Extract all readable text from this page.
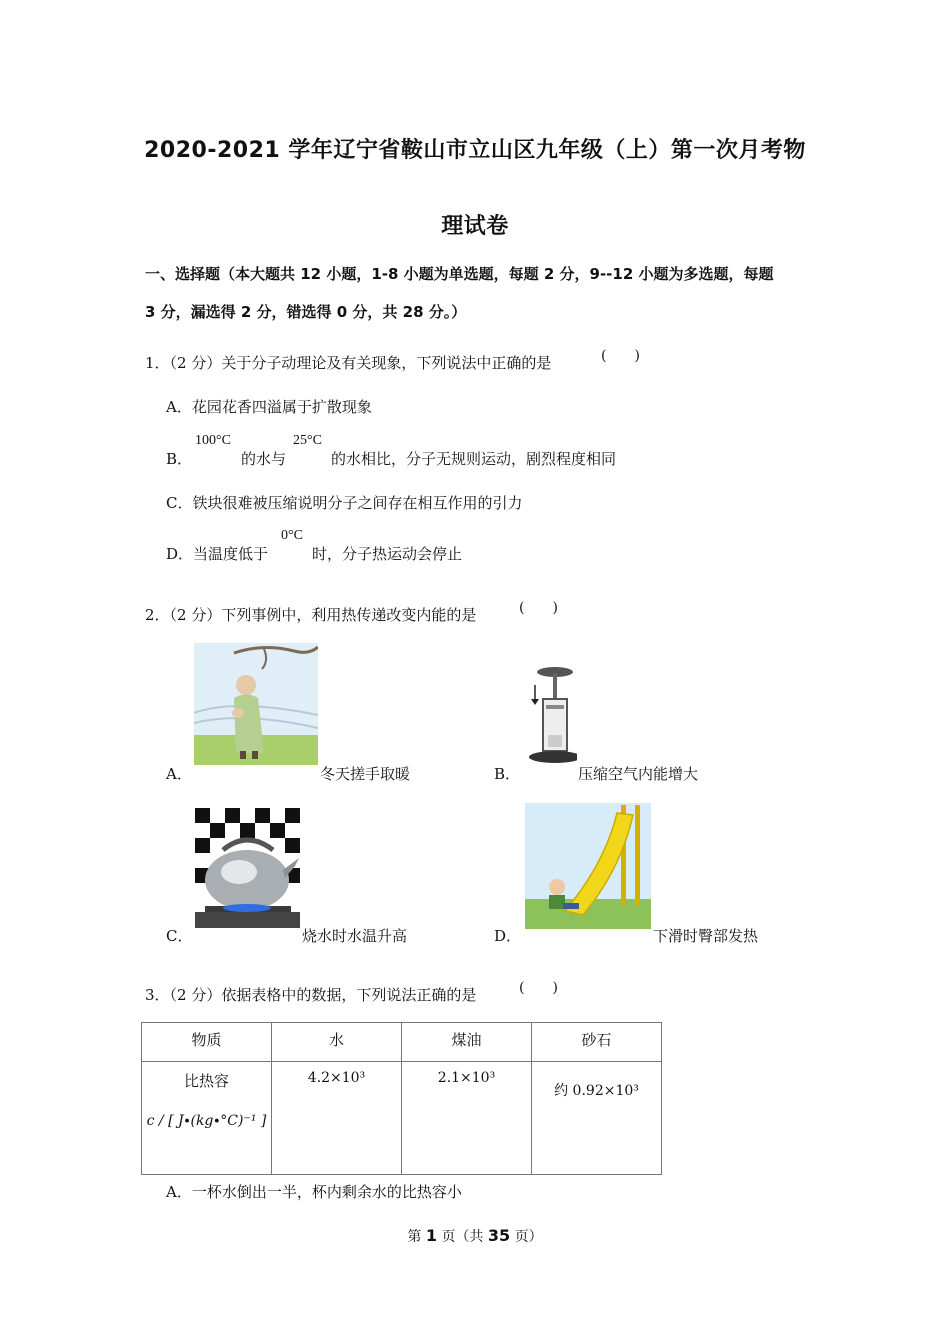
2020-2021 学年辽宁省鞍山市立山区九年级（上）第一次月考物
理试卷
一、选择题（本大题共 12 小题，1-8 小题为单选题，每题 2 分，9--12 小题为多选题，每题
3 分，漏选得 2 分，错选得 0 分，共 28 分。）
1．（2 分）关于分子动理论及有关现象，下列说法中正确的是	(　　)
A．花园花香四溢属于扩散现象
B．
100°C
的水与
25°C
的水相比，分子无规则运动，剧烈程度相同
C．铁块很难被压缩说明分子之间存在相互作用的引力
D．当温度低于
0°C
时，分子热运动会停止
2．（2 分）下列事例中，利用热传递改变内能的是	(　　)
A．	冬天搓手取暖	B．	压缩空气内能增大
C．	烧水时水温升高	D．	下滑时臀部发热
3．（2 分）依据表格中的数据，下列说法正确的是	(　　)
物质	水	煤油	砂石

比热容
c / [ J∙(kg∙°C)⁻¹ ]	4.2×10³	2.1×10³	约 0.92×10³
A．一杯水倒出一半，杯内剩余水的比热容小
第 1 页（共 35 页）
